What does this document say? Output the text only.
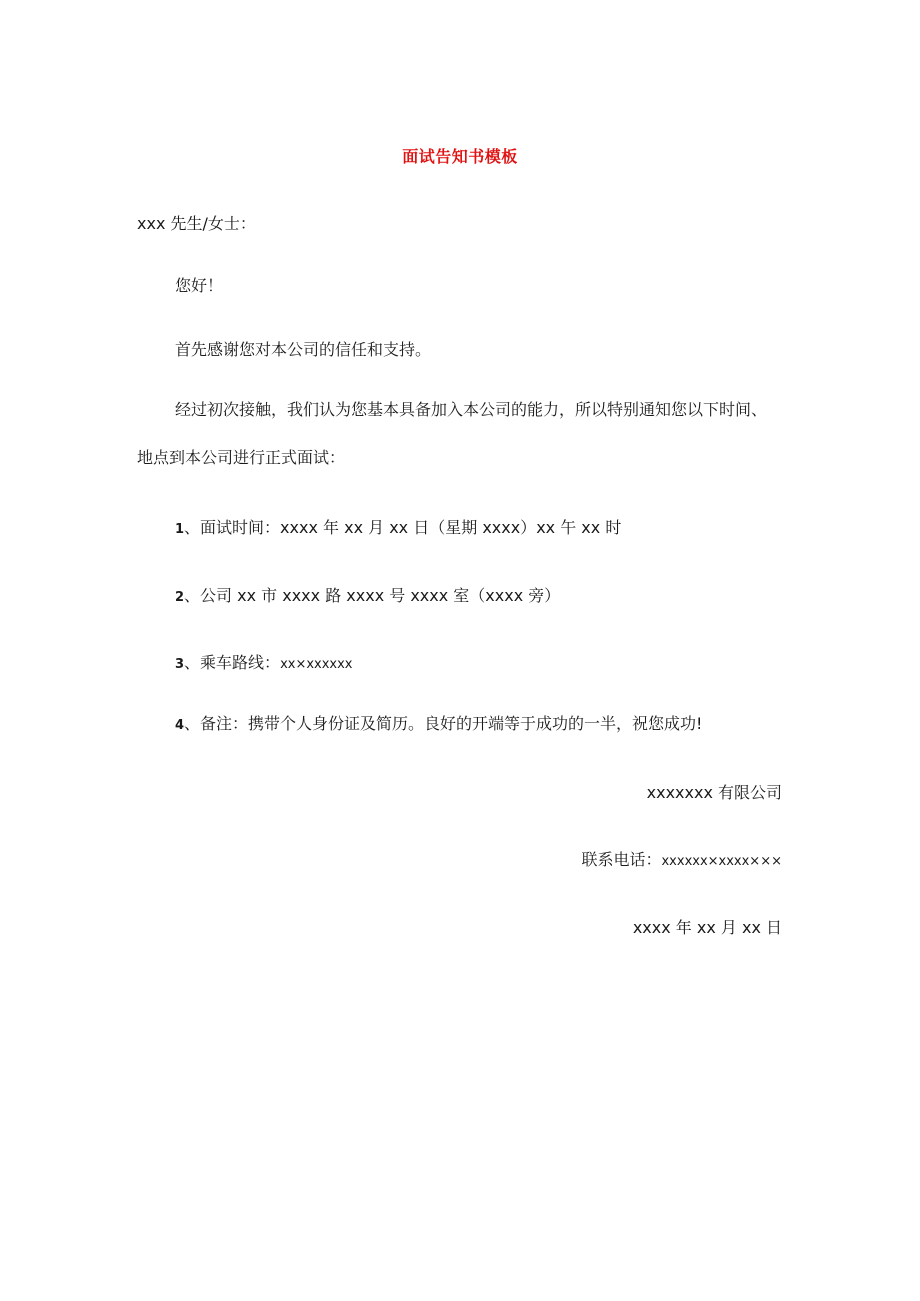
面试告知书模板
xxx 先生/女士：
您好！
首先感谢您对本公司的信任和支持。
经过初次接触，我们认为您基本具备加入本公司的能力，所以特别通知您以下时间、
地点到本公司进行正式面试：
1、面试时间：xxxx 年 xx 月 xx 日（星期 xxxx）xx 午 xx 时
2、公司 xx 市 xxxx 路 xxxx 号 xxxx 室（xxxx 旁）
3、乘车路线：xx×xxxxxx
4、备注：携带个人身份证及简历。良好的开端等于成功的一半，祝您成功!
xxxxxxx 有限公司
联系电话：xxxxxx×xxxx×××
xxxx 年 xx 月 xx 日
